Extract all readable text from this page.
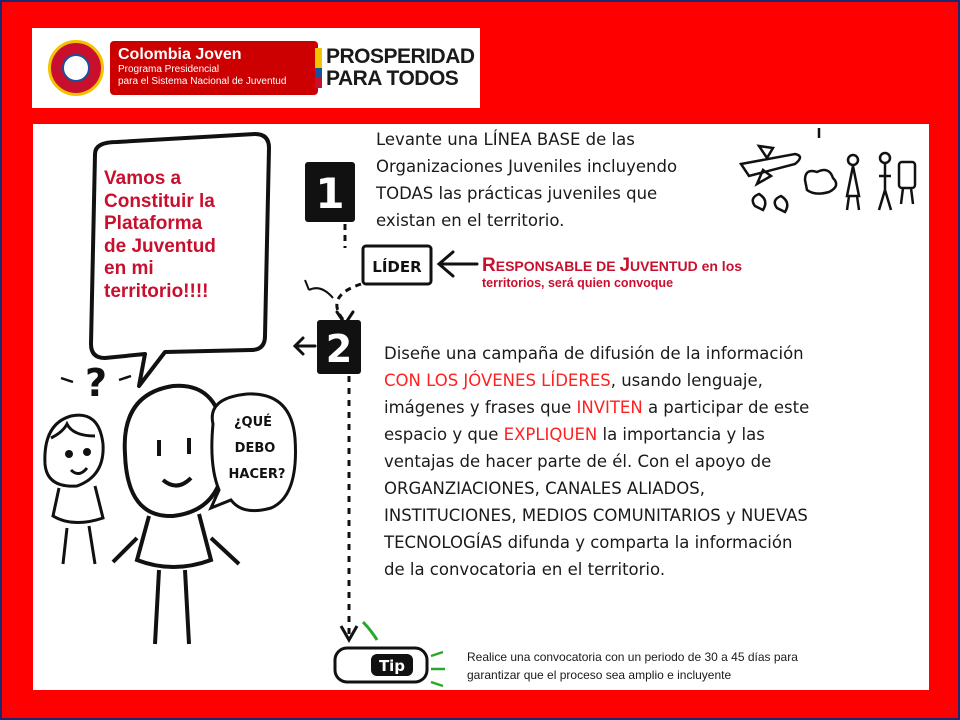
Colombia Joven
Programa Presidencial
para el Sistema Nacional de Juventud
PROSPERIDAD
PARA TODOS
1
LÍDER
2
Tip
?
¿QUÉ
DEBO
HACER?

Vamos a
Constituir la
Plataforma
de Juventud
en mi
territorio!!!!

Levante una LÍNEA BASE de las
Organizaciones Juveniles incluyendo
TODAS las prácticas juveniles que
existan en el territorio.

RESPONSABLE DE JUVENTUD en los
territorios, será quien convoque

Diseñe una campaña de difusión de la información
CON LOS JÓVENES LÍDERES, usando lenguaje,
imágenes y frases que INVITEN a participar de este
espacio y que EXPLIQUEN la importancia y las
ventajas de hacer parte de él. Con el apoyo de
ORGANZIACIONES, CANALES ALIADOS,
INSTITUCIONES, MEDIOS COMUNITARIOS y NUEVAS
TECNOLOGÍAS difunda y comparta la información
de la convocatoria en el territorio.

Realice una convocatoria con un periodo de 30 a 45 días para
garantizar que el proceso sea amplio e incluyente
